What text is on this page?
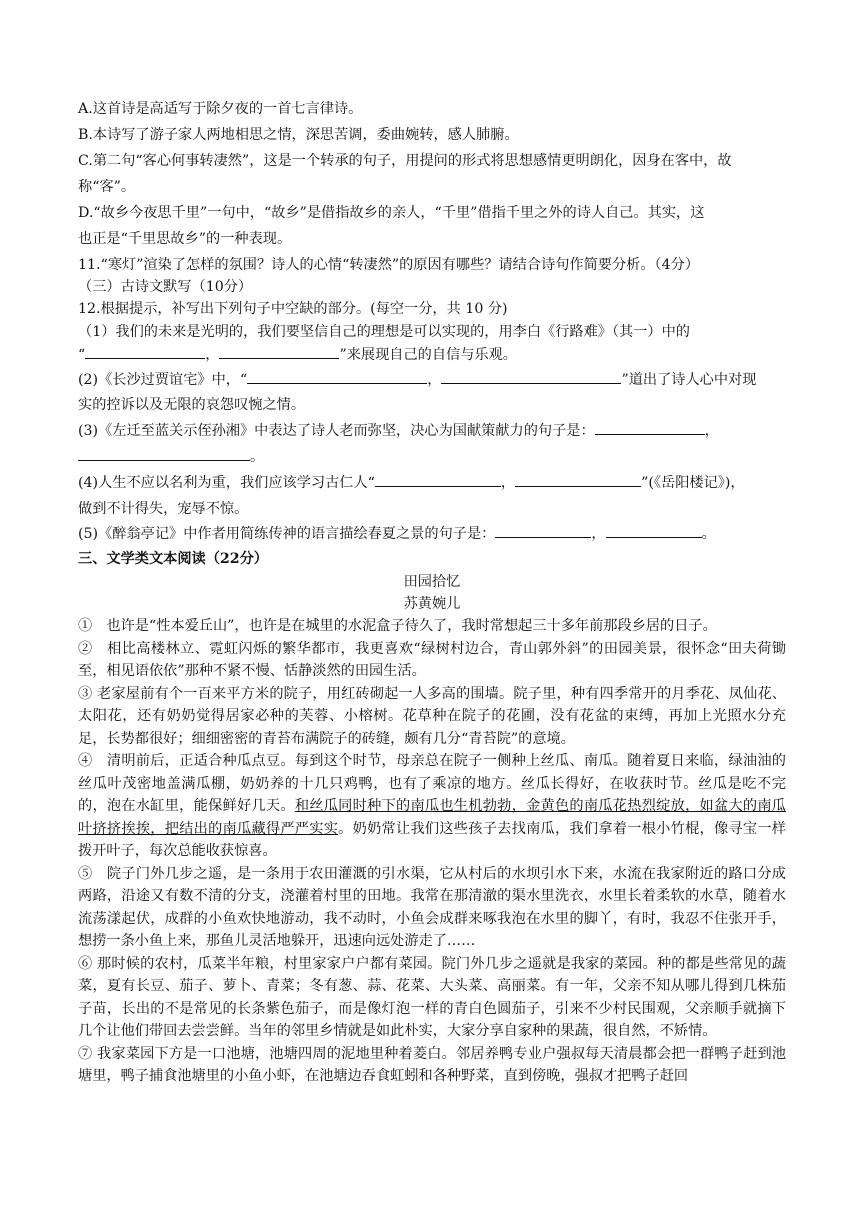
A.这首诗是高适写于除夕夜的一首七言律诗。

B.本诗写了游子家人两地相思之情，深思苦调，委曲婉转，感人肺腑。

C.第二句“客心何事转凄然”，这是一个转承的句子，用提问的形式将思想感情更明朗化，因身在客中，故

称“客”。

D.“故乡今夜思千里”一句中，“故乡”是借指故乡的亲人，“千里”借指千里之外的诗人自己。其实，这

也正是“千里思故乡”的一种表现。

11.“寒灯”渲染了怎样的氛围？诗人的心情“转凄然”的原因有哪些？请结合诗句作简要分析。（4分）

（三）古诗文默写（10分）

12.根据提示，补写出下列句子中空缺的部分。(每空一分，共 10 分)

（1）我们的未来是光明的，我们要坚信自己的理想是可以实现的，用李白《行路难》（其一）中的

“	，	”来展现自己的自信与乐观。

(2)《长沙过贾谊宅》中，“	，	”道出了诗人心中对现

实的控诉以及无限的哀怨叹惋之情。

(3)《左迁至蓝关示侄孙湘》中表达了诗人老而弥坚，决心为国献策献力的句子是：	，

。

(4)人生不应以名利为重，我们应该学习古仁人“	，	”(《岳阳楼记》)，

做到不计得失，宠辱不惊。

(5)《醉翁亭记》中作者用简练传神的语言描绘春夏之景的句子是：	，	。

三、文学类文本阅读（22分）

田园拾忆

苏黄婉儿

①　也许是“性本爱丘山”，也许是在城里的水泥盒子待久了，我时常想起三十多年前那段乡居的日子。

②　相比高楼林立、霓虹闪烁的繁华都市，我更喜欢“绿树村边合，青山郭外斜”的田园美景，很怀念“田夫荷锄至，相见语依依”那种不紧不慢、恬静淡然的田园生活。

③ 老家屋前有个一百来平方米的院子，用红砖砌起一人多高的围墙。院子里，种有四季常开的月季花、凤仙花、太阳花，还有奶奶觉得居家必种的芙蓉、小榕树。花草种在院子的花圃，没有花盆的束缚，再加上光照水分充足，长势都很好；细细密密的青苔布满院子的砖缝，颇有几分“青苔院”的意境。

④　清明前后，正适合种瓜点豆。每到这个时节，母亲总在院子一侧种上丝瓜、南瓜。随着夏日来临，绿油油的丝瓜叶茂密地盖满瓜棚，奶奶养的十几只鸡鸭，也有了乘凉的地方。丝瓜长得好，在收获时节。丝瓜是吃不完的，泡在水缸里，能保鲜好几天。和丝瓜同时种下的南瓜也生机勃勃，金黄色的南瓜花热烈绽放，如盆大的南瓜叶挤挤挨挨，把结出的南瓜藏得严严实实。奶奶常让我们这些孩子去找南瓜，我们拿着一根小竹棍，像寻宝一样拨开叶子，每次总能收获惊喜。

⑤　院子门外几步之遥，是一条用于农田灌溉的引水渠，它从村后的水坝引水下来，水流在我家附近的路口分成两路，沿途又有数不清的分支，浇灌着村里的田地。我常在那清澈的渠水里洗衣，水里长着柔软的水草，随着水流荡漾起伏，成群的小鱼欢快地游动，我不动时，小鱼会成群来啄我泡在水里的脚丫，有时，我忍不住张开手，想捞一条小鱼上来，那鱼儿灵活地躲开，迅速向远处游走了……

⑥ 那时候的农村，瓜菜半年粮，村里家家户户都有菜园。院门外几步之遥就是我家的菜园。种的都是些常见的蔬菜，夏有长豆、茄子、萝卜、青菜；冬有葱、蒜、花菜、大头菜、高丽菜。有一年，父亲不知从哪儿得到几株茄子苗，长出的不是常见的长条紫色茄子，而是像灯泡一样的青白色圆茄子，引来不少村民围观，父亲顺手就摘下几个让他们带回去尝尝鲜。当年的邻里乡情就是如此朴实，大家分享自家种的果蔬，很自然，不矫情。

⑦ 我家菜园下方是一口池塘，池塘四周的泥地里种着菱白。邻居养鸭专业户强叔每天清晨都会把一群鸭子赶到池塘里，鸭子捕食池塘里的小鱼小虾，在池塘边吞食虹蚓和各种野菜，直到傍晚，强叔才把鸭子赶回
